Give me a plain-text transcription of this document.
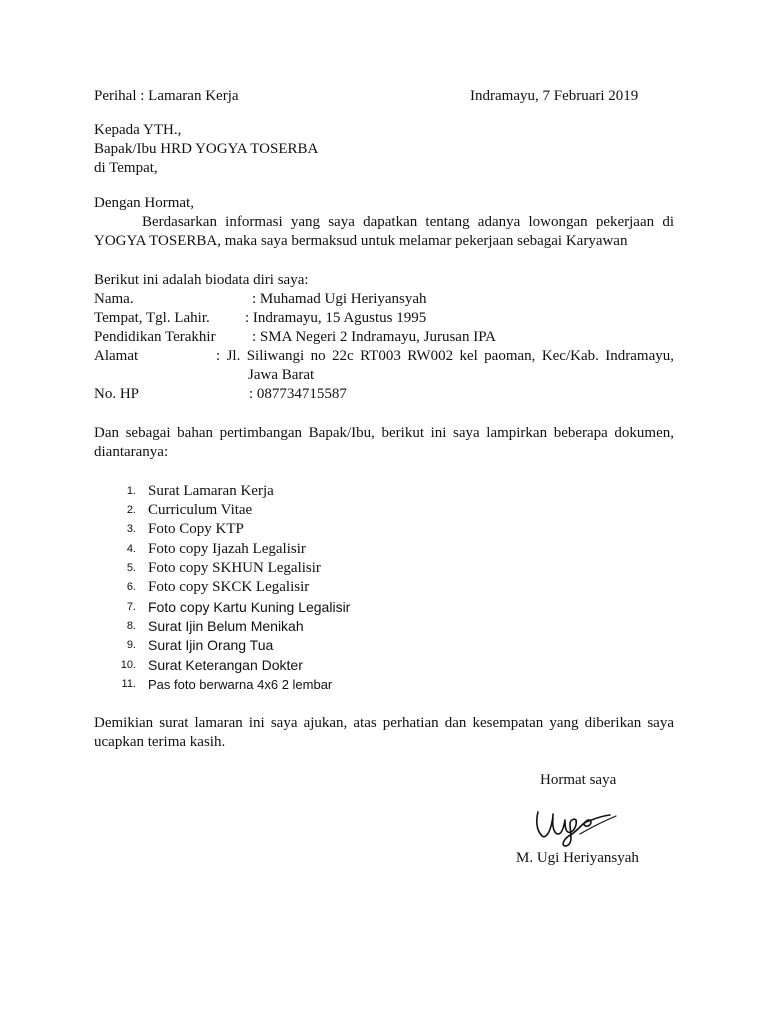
Perihal : Lamaran Kerja	Indramayu, 7 Februari 2019
Kepada YTH.,
Bapak/Ibu HRD YOGYA TOSERBA
di Tempat,
Dengan Hormat,
Berdasarkan informasi yang saya dapatkan tentang adanya lowongan pekerjaan di
YOGYA TOSERBA, maka saya bermaksud untuk melamar pekerjaan sebagai Karyawan
Berikut ini adalah biodata diri saya:
Nama.	: Muhamad Ugi Heriyansyah
Tempat, Tgl. Lahir. : Indramayu, 15 Agustus 1995
Pendidikan Terakhir : SMA Negeri 2 Indramayu, Jurusan IPA
Alamat	: Jl. Siliwangi no 22c RT003 RW002 kel paoman, Kec/Kab. Indramayu,
Jawa Barat
No. HP	: 087734715587
Dan sebagai bahan pertimbangan Bapak/Ibu, berikut ini saya lampirkan beberapa dokumen,
diantaranya:
1. Surat Lamaran Kerja
2. Curriculum Vitae
3. Foto Copy KTP
4. Foto copy Ijazah Legalisir
5. Foto copy SKHUN Legalisir
6. Foto copy SKCK Legalisir
7. Foto copy Kartu Kuning Legalisir
8. Surat Ijin Belum Menikah
9. Surat Ijin Orang Tua
10. Surat Keterangan Dokter
11. Pas foto berwarna 4x6 2 lembar
Demikian surat lamaran ini saya ajukan, atas perhatian dan kesempatan yang diberikan saya
ucapkan terima kasih.
Hormat saya
M. Ugi Heriyansyah
